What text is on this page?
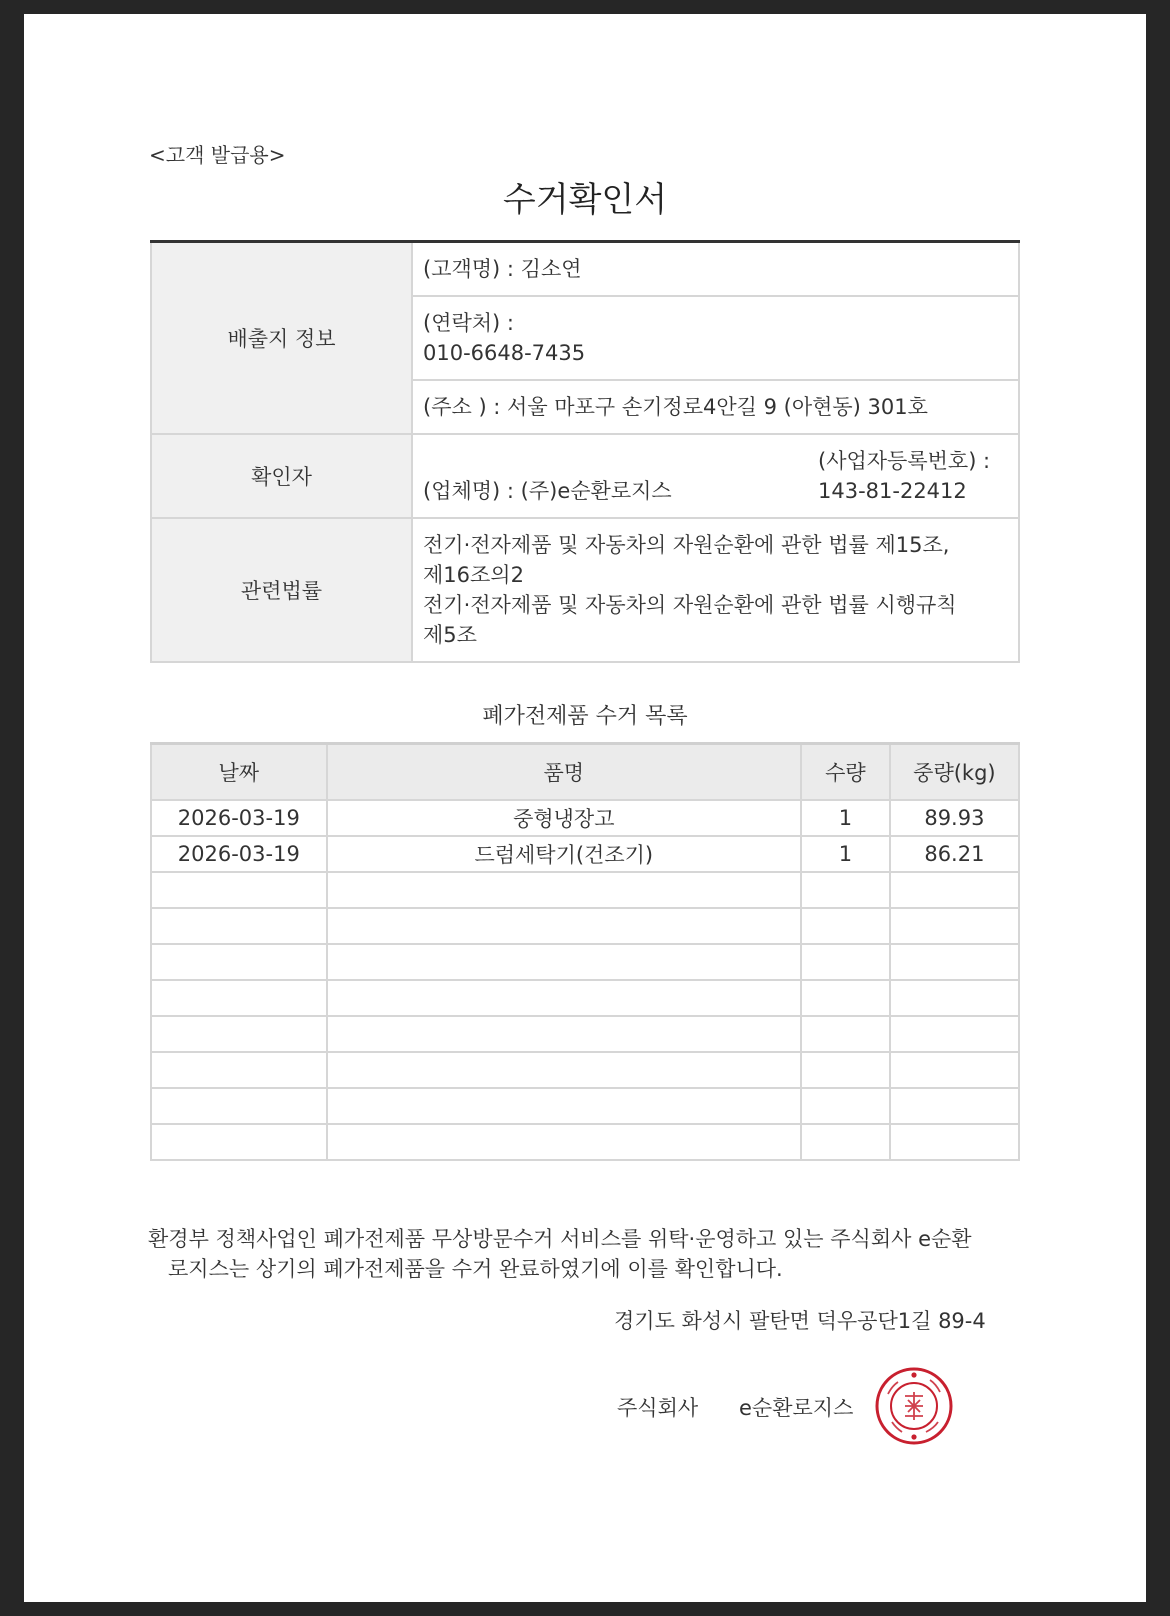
<고객 발급용>
수거확인서
배출지 정보	(고객명) : 김소연

	(연락처) :
010-6648-7435

	(주소 ) : 서울 마포구 손기정로4안길 9 (아현동) 301호
확인자	(업체명) : (주)e순환로지스
(사업자등록번호) :
143-81-22412

관련법률	전기·전자제품 및 자동차의 자원순환에 관한 법률 제15조,
제16조의2
전기·전자제품 및 자동차의 자원순환에 관한 법률 시행규칙
제5조
폐가전제품 수거 목록
날짜	품명	수량	중량(kg)
2026-03-19	중형냉장고	1	89.93
2026-03-19	드럼세탁기(건조기)	1	86.21

환경부 정책사업인 폐가전제품 무상방문수거 서비스를 위탁·운영하고 있는 주식회사 e순환
로지스는 상기의 폐가전제품을 수거 완료하였기에 이를 확인합니다.
경기도 화성시 팔탄면 덕우공단1길 89-4
주식회사 e순환로지스
